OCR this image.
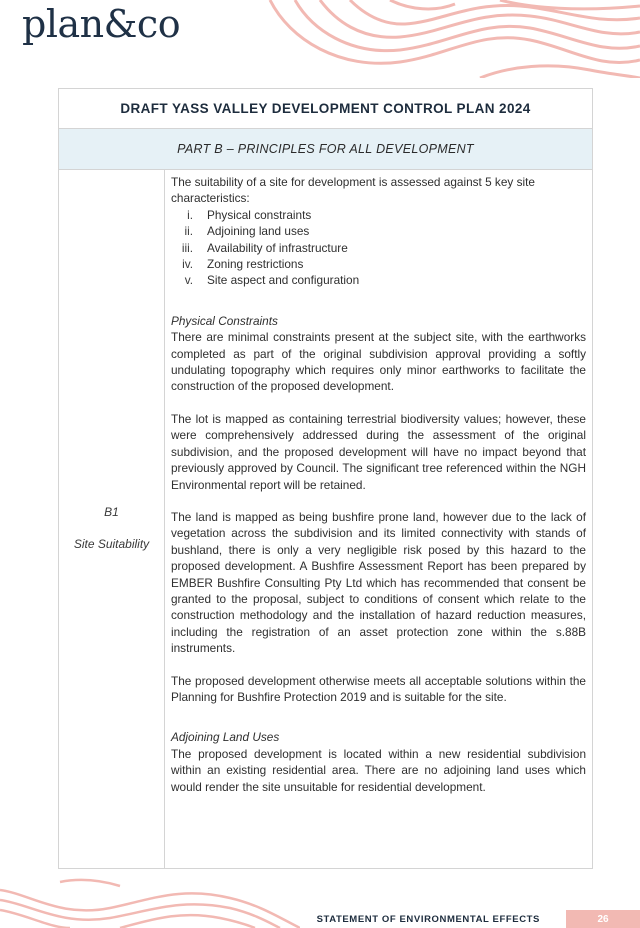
plan&co
DRAFT YASS VALLEY DEVELOPMENT CONTROL PLAN 2024
PART B – PRINCIPLES FOR ALL DEVELOPMENT
B1
Site Suitability

The suitability of a site for development is assessed against 5 key site characteristics:

i.	Physical constraints
ii.	Adjoining land uses
iii.	Availability of infrastructure
iv.	Zoning restrictions
v.	Site aspect and configuration

Physical Constraints

There are minimal constraints present at the subject site, with the earthworks completed as part of the original subdivision approval providing a softly undulating topography which requires only minor earthworks to facilitate the construction of the proposed development.

The lot is mapped as containing terrestrial biodiversity values; however, these were comprehensively addressed during the assessment of the original subdivision, and the proposed development will have no impact beyond that previously approved by Council. The significant tree referenced within the NGH Environmental report will be retained.

The land is mapped as being bushfire prone land, however due to the lack of vegetation across the subdivision and its limited connectivity with stands of bushland, there is only a very negligible risk posed by this hazard to the proposed development. A Bushfire Assessment Report has been prepared by EMBER Bushfire Consulting Pty Ltd which has recommended that consent be granted to the proposal, subject to conditions of consent which relate to the construction methodology and the installation of hazard reduction measures, including the registration of an asset protection zone within the s.88B instruments.

The proposed development otherwise meets all acceptable solutions within the Planning for Bushfire Protection 2019 and is suitable for the site.

Adjoining Land Uses

The proposed development is located within a new residential subdivision within an existing residential area. There are no adjoining land uses which would render the site unsuitable for residential development.

STATEMENT OF ENVIRONMENTAL EFFECTS	26
